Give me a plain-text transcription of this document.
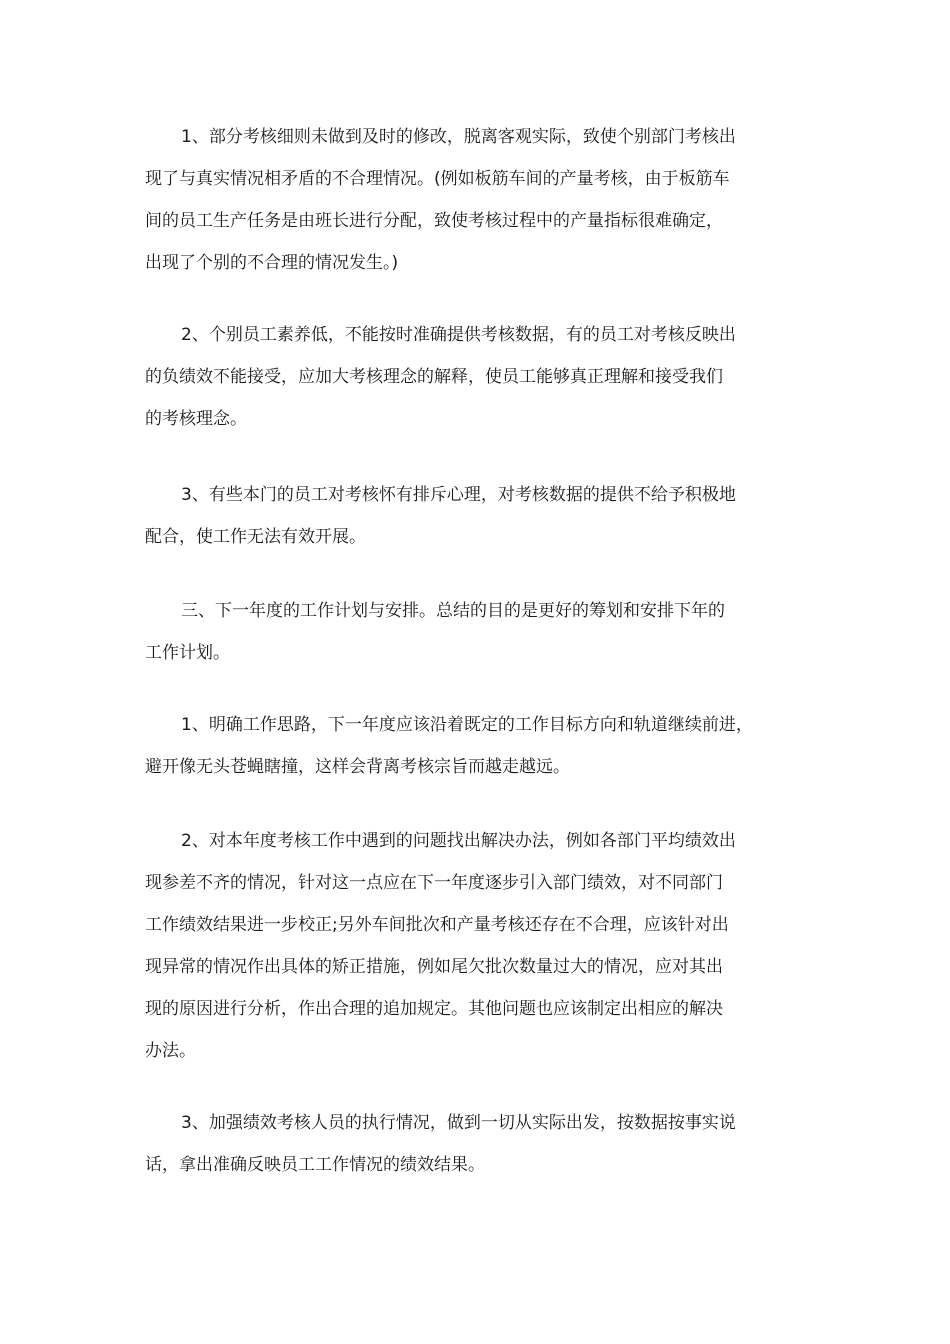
1、部分考核细则未做到及时的修改，脱离客观实际，致使个别部门考核出
现了与真实情况相矛盾的不合理情况。(例如板筋车间的产量考核，由于板筋车
间的员工生产任务是由班长进行分配，致使考核过程中的产量指标很难确定，
出现了个别的不合理的情况发生。)
2、个别员工素养低，不能按时准确提供考核数据，有的员工对考核反映出
的负绩效不能接受，应加大考核理念的解释，使员工能够真正理解和接受我们
的考核理念。
3、有些本门的员工对考核怀有排斥心理，对考核数据的提供不给予积极地
配合，使工作无法有效开展。
三、下一年度的工作计划与安排。总结的目的是更好的筹划和安排下年的
工作计划。
1、明确工作思路，下一年度应该沿着既定的工作目标方向和轨道继续前进，
避开像无头苍蝇瞎撞，这样会背离考核宗旨而越走越远。
2、对本年度考核工作中遇到的问题找出解决办法，例如各部门平均绩效出
现参差不齐的情况，针对这一点应在下一年度逐步引入部门绩效，对不同部门
工作绩效结果进一步校正;另外车间批次和产量考核还存在不合理，应该针对出
现异常的情况作出具体的矫正措施，例如尾欠批次数量过大的情况，应对其出
现的原因进行分析，作出合理的追加规定。其他问题也应该制定出相应的解决
办法。
3、加强绩效考核人员的执行情况，做到一切从实际出发，按数据按事实说
话，拿出准确反映员工工作情况的绩效结果。
